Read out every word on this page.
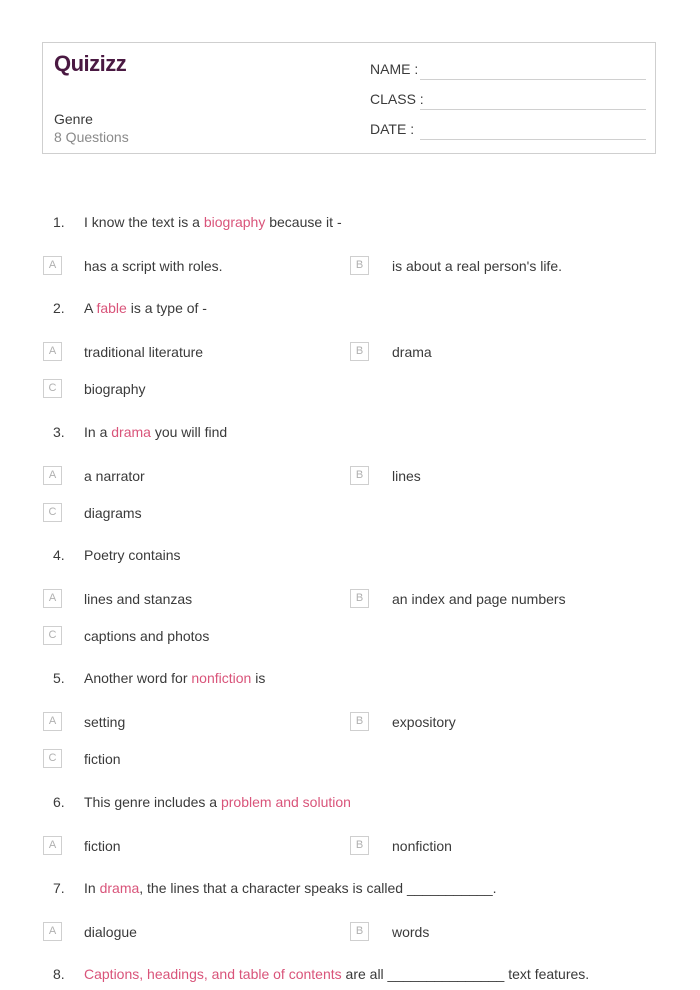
Quizizz
Genre
8 Questions
NAME :
CLASS :
DATE :
1. I know the text is a biography because it -
A	has a script with roles.	B	is about a real person's life.
2. A fable is a type of -
A	traditional literature	B	drama
C	biography
3. In a drama you will find
A	a narrator	B	lines
C	diagrams
4. Poetry contains
A	lines and stanzas	B	an index and page numbers
C	captions and photos
5. Another word for nonfiction is
A	setting	B	expository
C	fiction
6. This genre includes a problem and solution
A	fiction	B	nonfiction
7. In drama, the lines that a character speaks is called ___________.
A	dialogue	B	words
8. Captions, headings, and table of contents are all _______________ text features.
